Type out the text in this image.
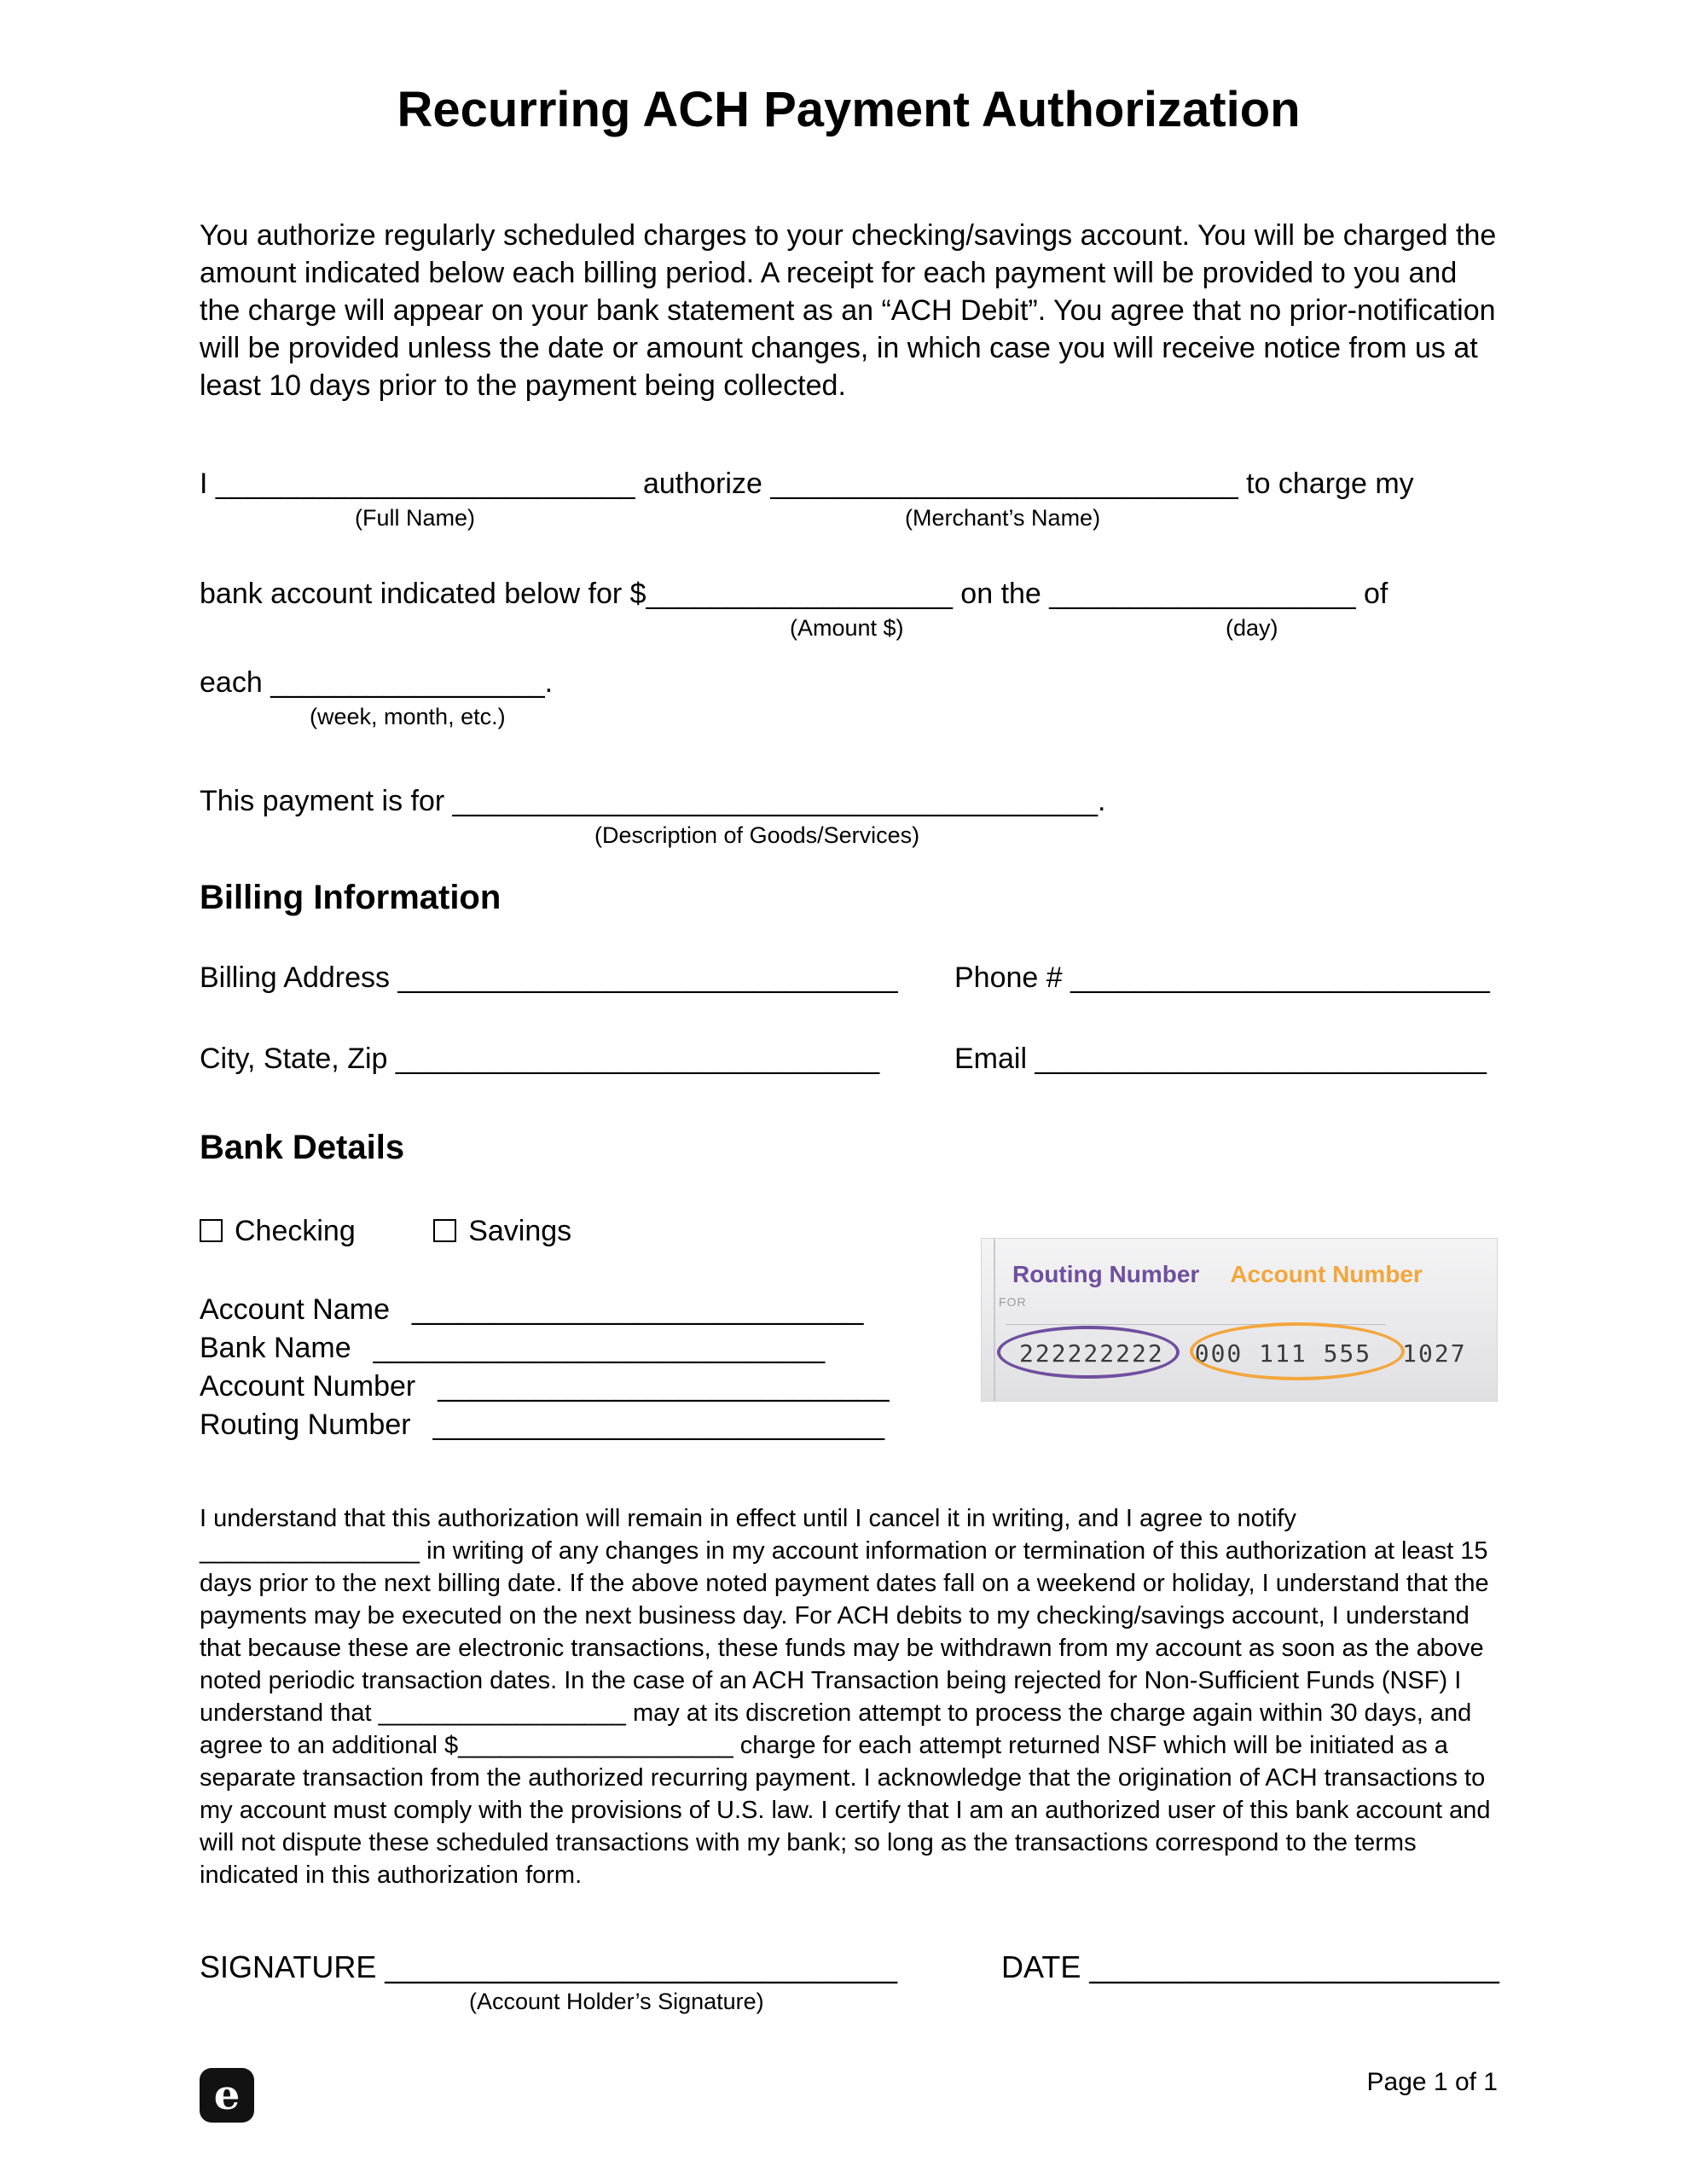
Recurring ACH Payment Authorization

You authorize regularly scheduled charges to your checking/savings account. You will be charged the amount indicated below each billing period. A receipt for each payment will be provided to you and the charge will appear on your bank statement as an “ACH Debit”. You agree that no prior-notification will be provided unless the date or amount changes, in which case you will receive notice from us at least 10 days prior to the payment being collected.

I __________________________ authorize _____________________________ to charge my
(Full Name)	(Merchant’s Name)
bank account indicated below for $___________________ on the ___________________ of
(Amount $)	(day)
each _________________.
(week, month, etc.)
This payment is for ________________________________________.
(Description of Goods/Services)
Billing Information
Billing Address _______________________________	Phone # __________________________
City, State, Zip ______________________________	Email ____________________________
Bank Details
Checking	Savings
Account Name ____________________________
Bank Name ____________________________
Account Number ____________________________
Routing Number ____________________________
Routing Number Account Number
FOR
222222222 000 111 555 1027

I understand that this authorization will remain in effect until I cancel it in writing, and I agree to notify ________________ in writing of any changes in my account information or termination of this authorization at least 15 days prior to the next billing date. If the above noted payment dates fall on a weekend or holiday, I understand that the payments may be executed on the next business day. For ACH debits to my checking/savings account, I understand that because these are electronic transactions, these funds may be withdrawn from my account as soon as the above noted periodic transaction dates. In the case of an ACH Transaction being rejected for Non-Sufficient Funds (NSF) I understand that __________________ may at its discretion attempt to process the charge again within 30 days, and agree to an additional $____________________ charge for each attempt returned NSF which will be initiated as a separate transaction from the authorized recurring payment. I acknowledge that the origination of ACH transactions to my account must comply with the provisions of U.S. law. I certify that I am an authorized user of this bank account and will not dispute these scheduled transactions with my bank; so long as the transactions correspond to the terms indicated in this authorization form.

SIGNATURE ______________________________	DATE ________________________
(Account Holder’s Signature)
e	Page 1 of 1
